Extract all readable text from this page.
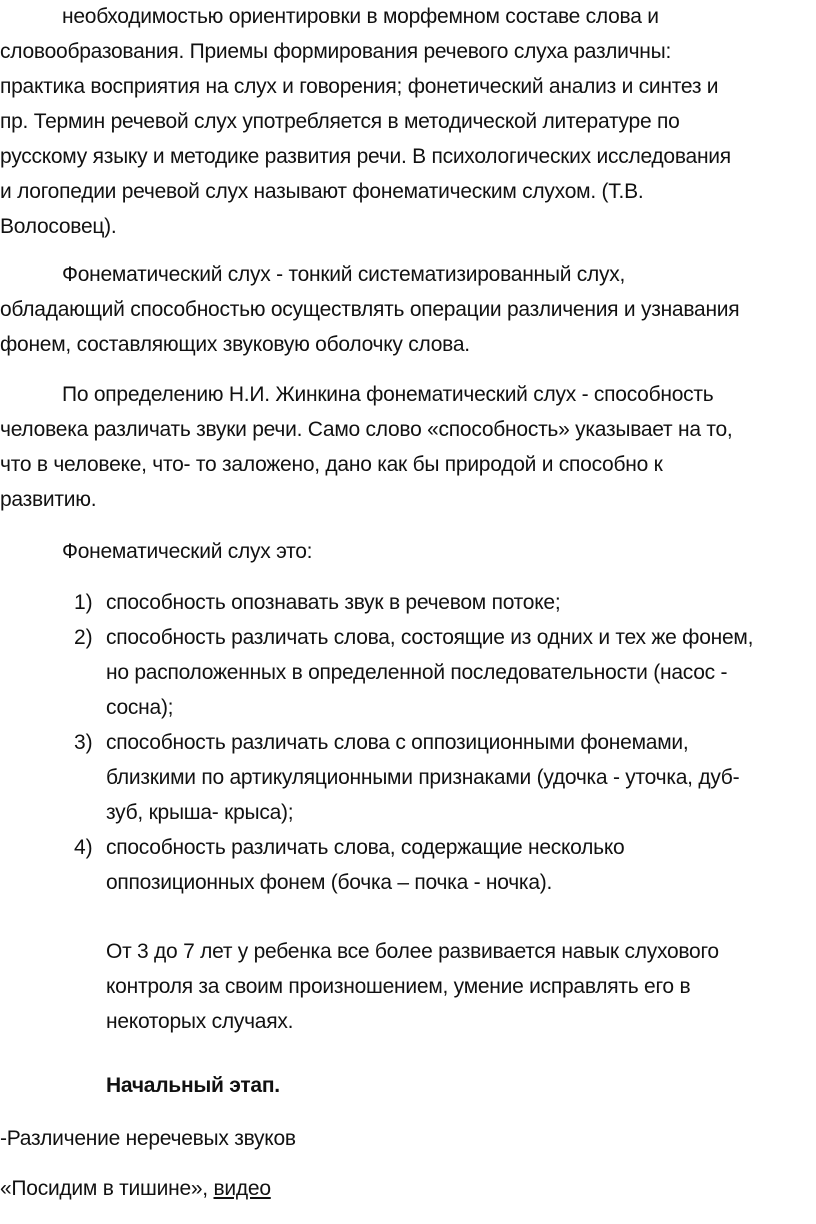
необходимостью ориентировки в морфемном составе слова и
словообразования. Приемы формирования речевого слуха различны:
практика восприятия на слух и говорения; фонетический анализ и синтез и
пр. Термин речевой слух употребляется в методической литературе по
русскому языку и методике развития речи. В психологических исследования
и логопедии речевой слух называют фонематическим слухом. (Т.В.
Волосовец).
Фонематический слух - тонкий систематизированный слух,
обладающий способностью осуществлять операции различения и узнавания
фонем, составляющих звуковую оболочку слова.
По определению Н.И. Жинкина фонематический слух - способность
человека различать звуки речи. Само слово «способность» указывает на то,
что в человеке, что- то заложено, дано как бы природой и способно к
развитию.
Фонематический слух это:
1) способность опознавать звук в речевом потоке;
2) способность различать слова, состоящие из одних и тех же фонем,
но расположенных в определенной последовательности (насос -
сосна);
3) способность различать слова с оппозиционными фонемами,
близкими по артикуляционными признаками (удочка - уточка, дуб-
зуб, крыша- крыса);
4) способность различать слова, содержащие несколько
оппозиционных фонем (бочка – почка - ночка).
От 3 до 7 лет у ребенка все более развивается навык слухового
контроля за своим произношением, умение исправлять его в
некоторых случаях.
Начальный этап.
-Различение неречевых звуков
«Посидим в тишине», видео
